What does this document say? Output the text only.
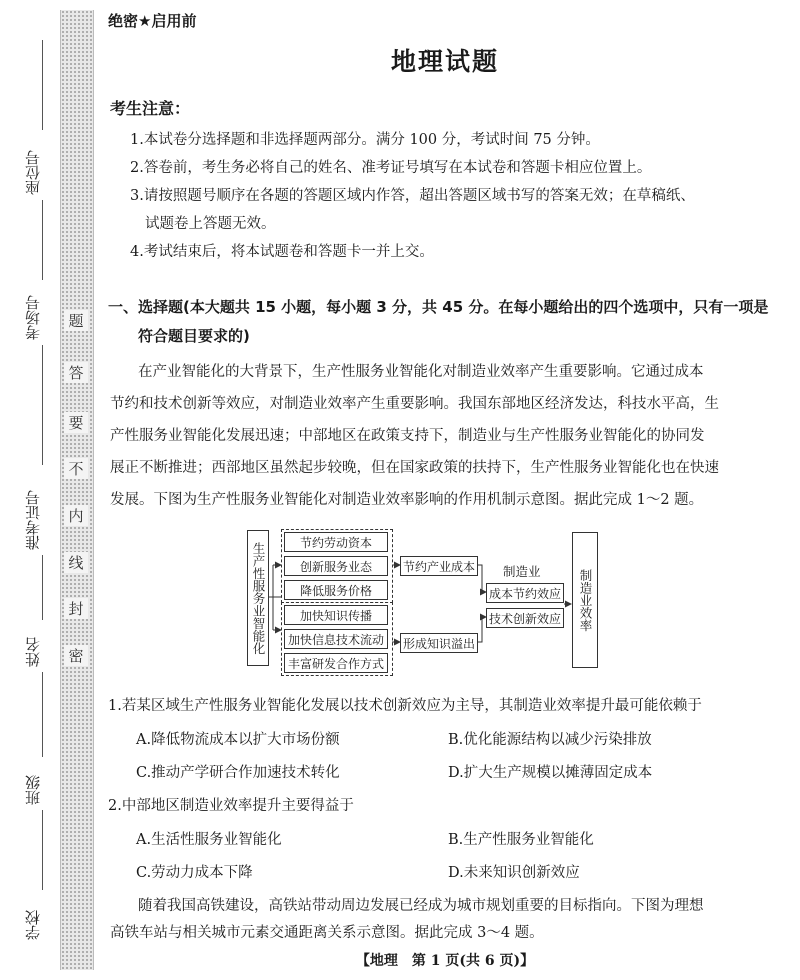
题
答
要
不
内
线
封
密
座位号
考场号
准考证号
姓名
班级
学校
绝密★启用前
地理试题
考生注意：
1.本试卷分选择题和非选择题两部分。满分 100 分，考试时间 75 分钟。
2.答卷前，考生务必将自己的姓名、准考证号填写在本试卷和答题卡相应位置上。
3.请按照题号顺序在各题的答题区域内作答，超出答题区域书写的答案无效；在草稿纸、
试题卷上答题无效。
4.考试结束后，将本试题卷和答题卡一并上交。
一、选择题(本大题共 15 小题，每小题 3 分，共 45 分。在每小题给出的四个选项中，只有一项是
符合题目要求的)
在产业智能化的大背景下，生产性服务业智能化对制造业效率产生重要影响。它通过成本
节约和技术创新等效应，对制造业效率产生重要影响。我国东部地区经济发达，科技水平高，生
产性服务业智能化发展迅速；中部地区在政策支持下，制造业与生产性服务业智能化的协同发
展正不断推进；西部地区虽然起步较晚，但在国家政策的扶持下，生产性服务业智能化也在快速
发展。下图为生产性服务业智能化对制造业效率影响的作用机制示意图。据此完成 1～2 题。
生产性服务业智能化	节约劳动资本
创新服务业态
降低服务价格
加快知识传播
加快信息技术流动
丰富研发合作方式
节约产业成本
形成知识溢出
制造业
成本节约效应
技术创新效应	制造业效率
1.若某区域生产性服务业智能化发展以技术创新效应为主导，其制造业效率提升最可能依赖于
A.降低物流成本以扩大市场份额	B.优化能源结构以减少污染排放
C.推动产学研合作加速技术转化	D.扩大生产规模以摊薄固定成本
2.中部地区制造业效率提升主要得益于
A.生活性服务业智能化	B.生产性服务业智能化
C.劳动力成本下降	D.未来知识创新效应
随着我国高铁建设，高铁站带动周边发展已经成为城市规划重要的目标指向。下图为理想
高铁车站与相关城市元素交通距离关系示意图。据此完成 3～4 题。
【地理　第 1 页(共 6 页)】
